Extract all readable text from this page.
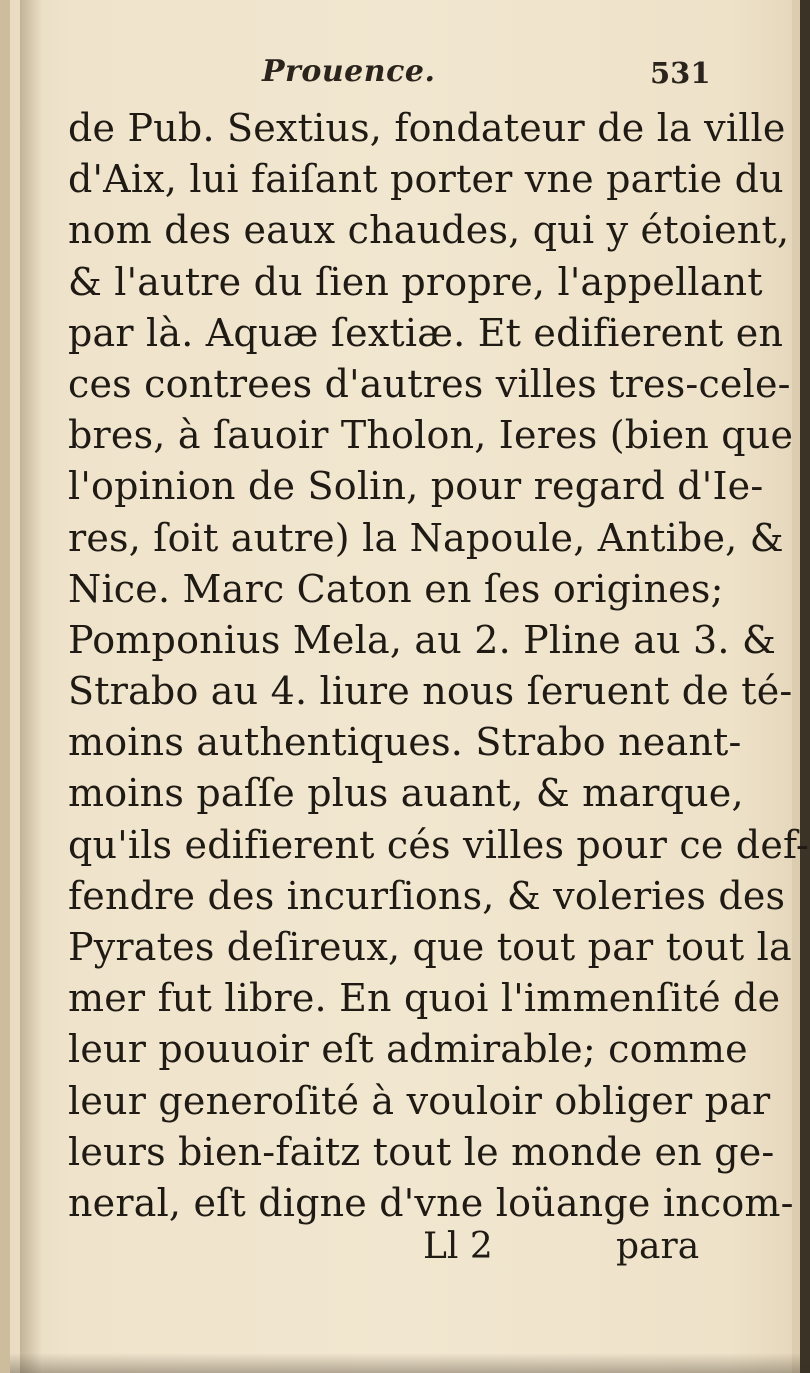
Prouence.	531
de Pub. Sextius, fondateur de la ville
d'Aix, lui faiſant porter vne partie du
nom des eaux chaudes, qui y étoient,
& l'autre du ſien propre, l'appellant
par là. Aquæ ſextiæ. Et edifierent en
ces contrees d'autres villes tres-cele-
bres, à ſauoir Tholon, Ieres (bien que
l'opinion de Solin, pour regard d'Ie-
res, ſoit autre) la Napoule, Antibe, &
Nice. Marc Caton en ſes origines;
Pomponius Mela, au 2. Pline au 3. &
Strabo au 4. liure nous ſeruent de té-
moins authentiques. Strabo neant-
moins paſſe plus auant, & marque,
qu'ils edifierent cés villes pour ce def-
fendre des incurſions, & voleries des
Pyrates deſireux, que tout par tout la
mer fut libre. En quoi l'immenſité de
leur pouuoir eſt admirable; comme
leur generoſité à vouloir obliger par
leurs bien-faitz tout le monde en ge-
neral, eſt digne d'vne loüange incom-
Ll 2	para
